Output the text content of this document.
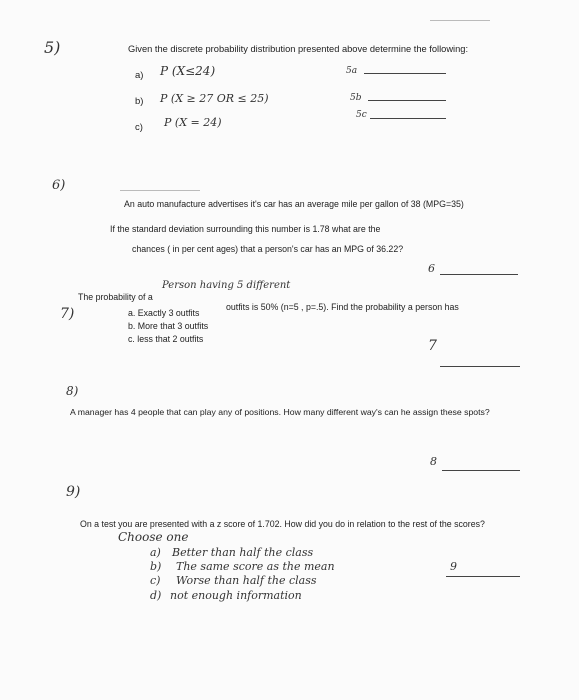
5)	Given the discrete probability distribution presented above determine the following:
a) P (X≤24)	5a
b) P (X ≥ 27 OR ≤ 25)	5b
c) P (X = 24)
5c
6)
An auto manufacture advertises it's car has an average mile per gallon of 38 (MPG=35)
If the standard deviation surrounding this number is 1.78 what are the
chances ( in per cent ages) that a person's car has an MPG of 36.22?
6
Person having 5 different
The probability of a
outfits is 50% (n=5 , p=.5). Find the probability a person has
7)	a. Exactly 3 outfits
b. More that 3 outfits
c. less that 2 outfits	7
8)
A manager has 4 people that can play any of positions. How many different way's can he assign these spots?
8
9)
On a test you are presented with a z score of 1.702. How did you do in relation to the rest of the scores?
Choose one
a) Better than half the class
b) The same score as the mean
c) Worse than half the class
d) not enough information
9
